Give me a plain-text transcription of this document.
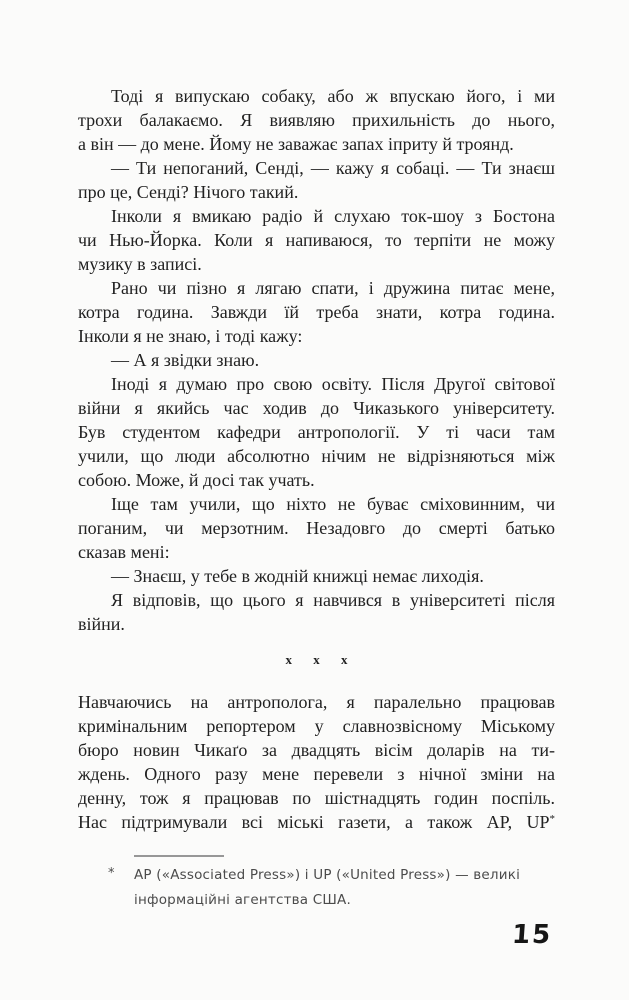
Тоді я випускаю собаку, або ж впускаю його, і ми
трохи балакаємо. Я виявляю прихильність до нього,
а він — до мене. Йому не заважає запах іприту й троянд.
— Ти непоганий, Сенді, — кажу я собаці. — Ти знаєш
про це, Сенді? Нічого такий.
Інколи я вмикаю радіо й слухаю ток-шоу з Бостона
чи Нью-Йорка. Коли я напиваюся, то терпіти не можу
музику в записі.
Рано чи пізно я лягаю спати, і дружина питає мене,
котра година. Завжди їй треба знати, котра година.
Інколи я не знаю, і тоді кажу:
— А я звідки знаю.
Іноді я думаю про свою освіту. Після Другої світової
війни я якийсь час ходив до Чиказького університету.
Був студентом кафедри антропології. У ті часи там
учили, що люди абсолютно нічим не відрізняються між
собою. Може, й досі так учать.
Іще там учили, що ніхто не буває сміховинним, чи
поганим, чи мерзотним. Незадовго до смерті батько
сказав мені:
— Знаєш, у тебе в жодній книжці немає лиходія.
Я відповів, що цього я навчився в університеті після
війни.
x x x
Навчаючись на антрополога, я паралельно працював
кримінальним репортером у славнозвісному Міському
бюро новин Чикаґо за двадцять вісім доларів на ти-
ждень. Одного разу мене перевели з нічної зміни на
денну, тож я працював по шістнадцять годин поспіль.
Нас підтримували всі міські газети, а також AP, UP*
*	AP («Associated Press») і UP («United Press») — великі
інформаційні агентства США.
15
